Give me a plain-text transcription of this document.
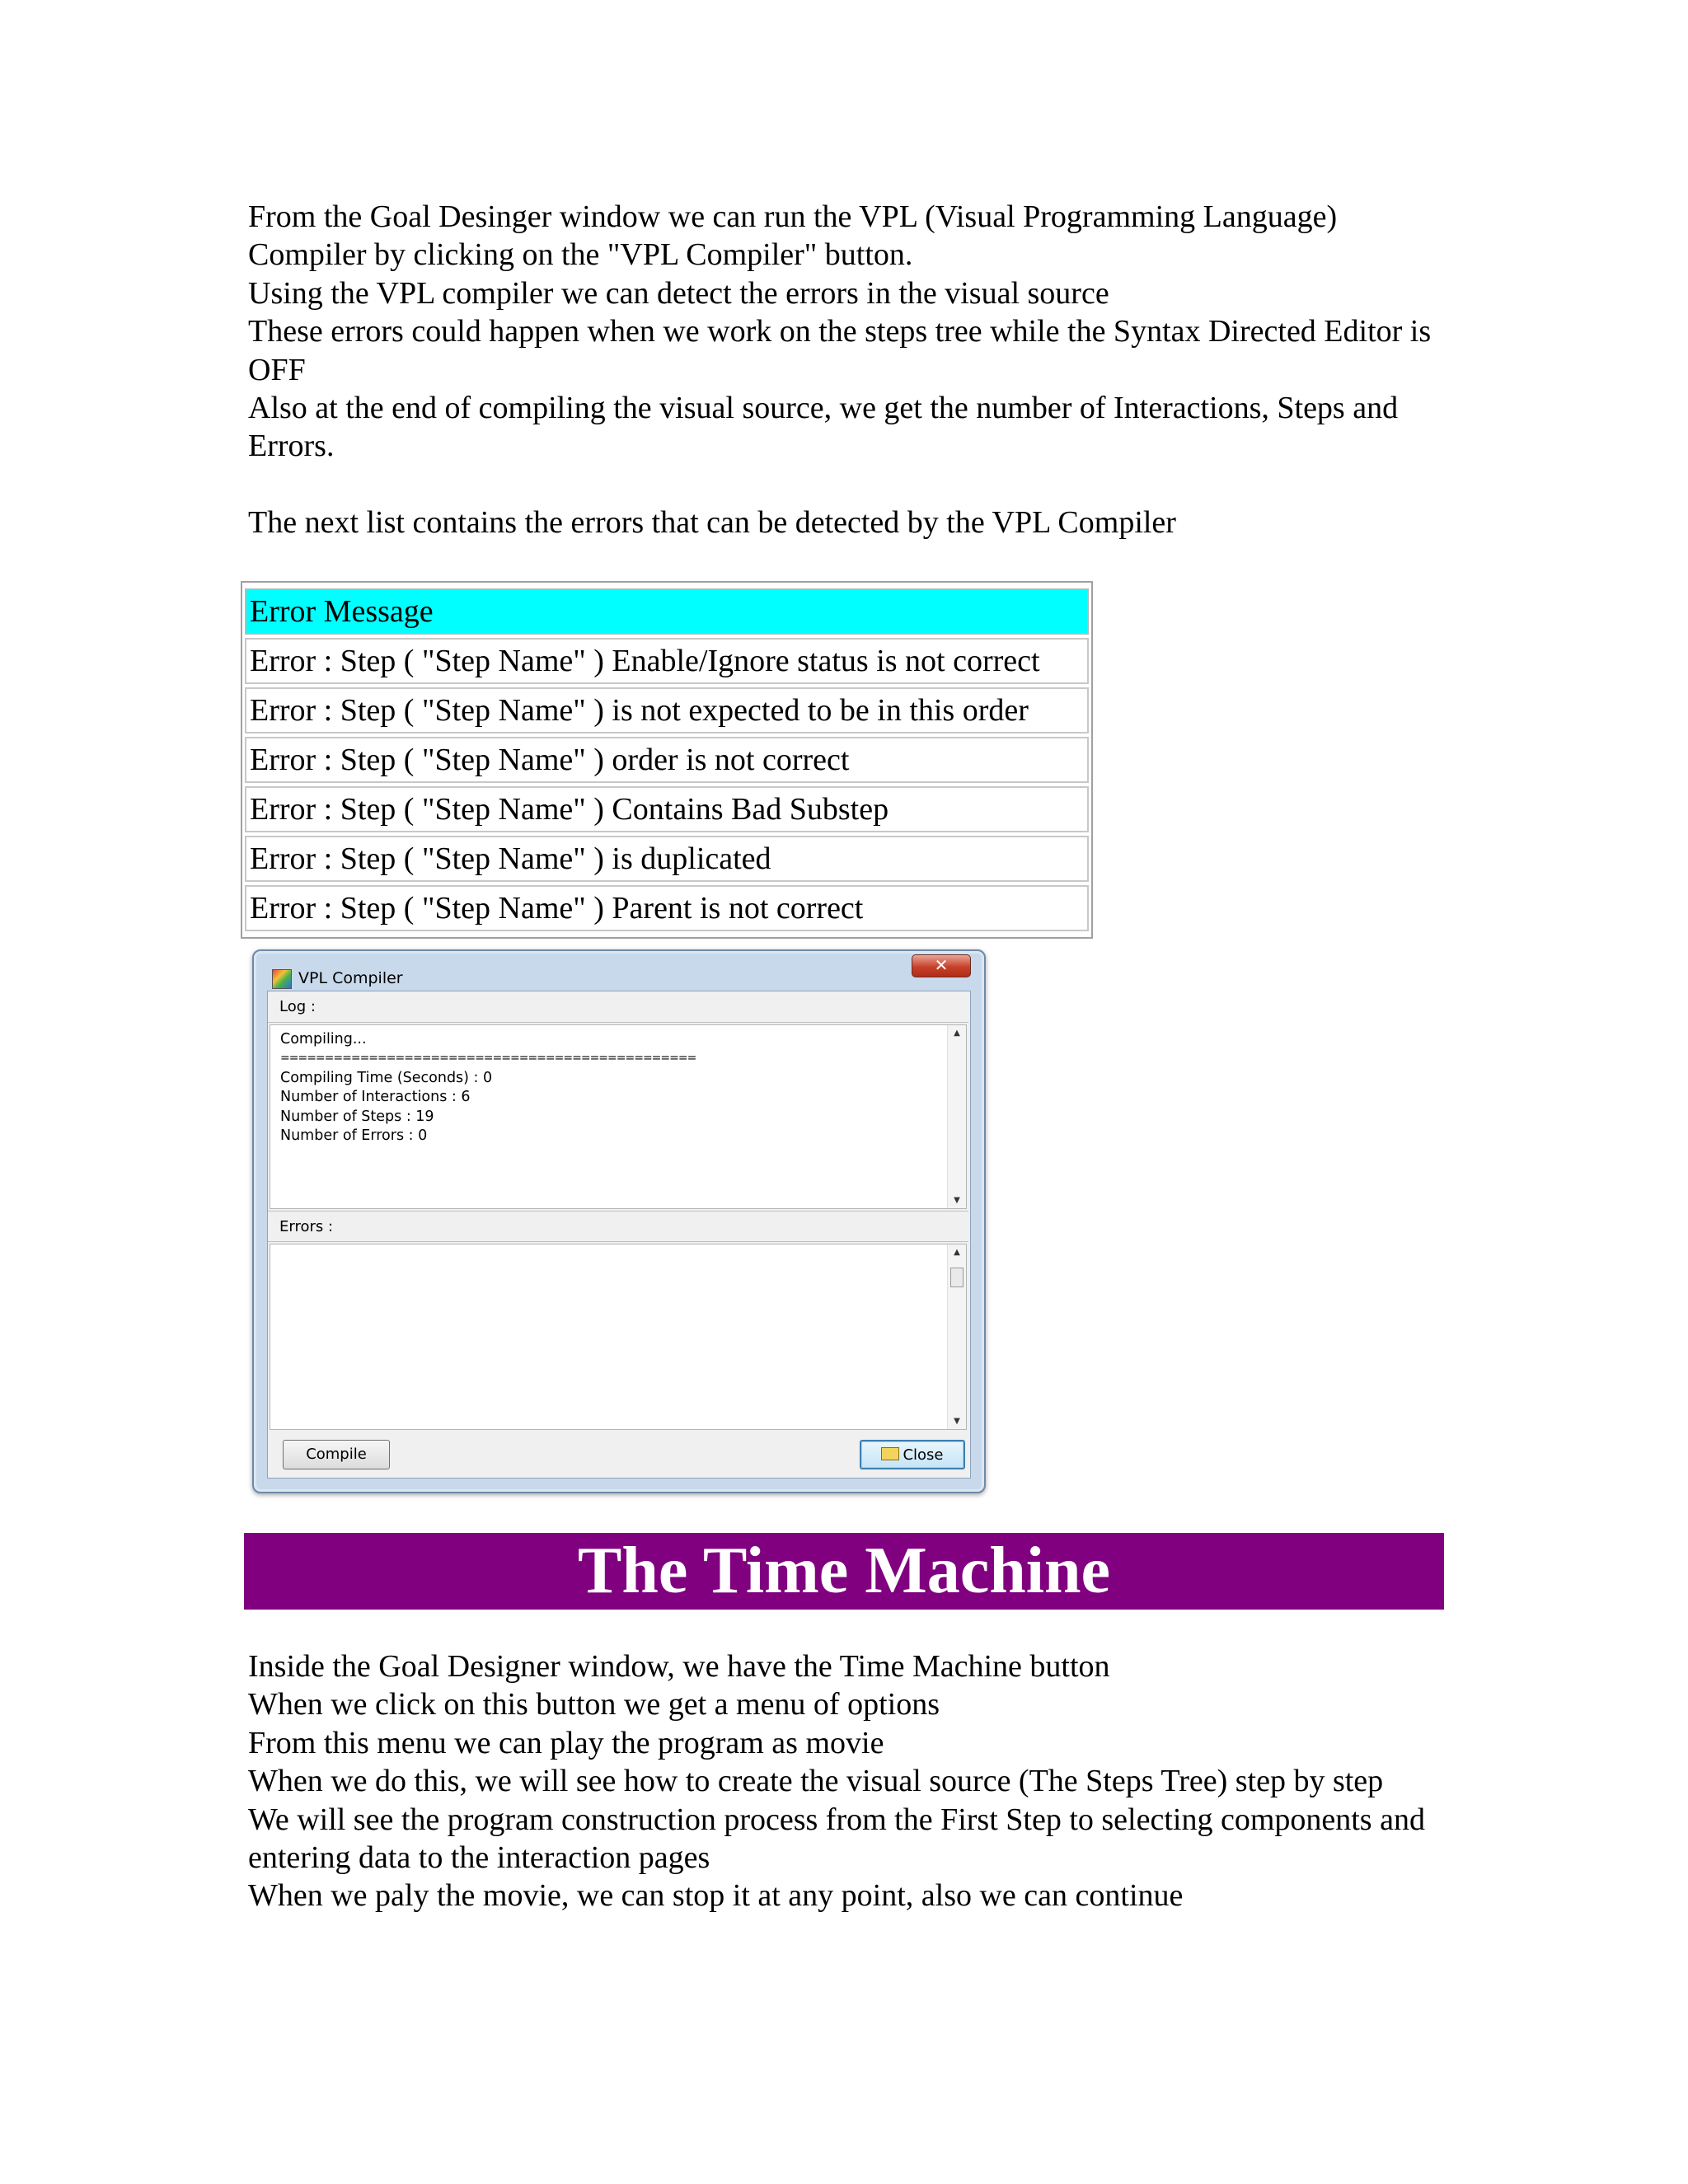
From the Goal Desinger window we can run the VPL (Visual Programming Language) Compiler by clicking on the "VPL Compiler" button.

Using the VPL compiler we can detect the errors in the visual source

These errors could happen when we work on the steps tree while the Syntax Directed Editor is OFF

Also at the end of compiling the visual source, we get the number of Interactions, Steps and Errors.

The next list contains the errors that can be detected by the VPL Compiler

Error Message
Error : Step ( "Step Name" ) Enable/Ignore status is not correct
Error : Step ( "Step Name" ) is not expected to be in this order
Error : Step ( "Step Name" ) order is not correct
Error : Step ( "Step Name" ) Contains Bad Substep
Error : Step ( "Step Name" ) is duplicated
Error : Step ( "Step Name" ) Parent is not correct
VPL Compiler
✕
Log :
Compiling...
===============================================
Compiling Time (Seconds) : 0
Number of Interactions : 6
Number of Steps : 19
Number of Errors : 0
▲
▼
Errors :
▲
▼
Compile	Close
The Time Machine

Inside the Goal Designer window, we have the Time Machine button

When we click on this button we get a menu of options

From this menu we can play the program as movie

When we do this, we will see how to create the visual source (The Steps Tree) step by step

We will see the program construction process from the First Step to selecting components and entering data to the interaction pages

When we paly the movie, we can stop it at any point, also we can continue
